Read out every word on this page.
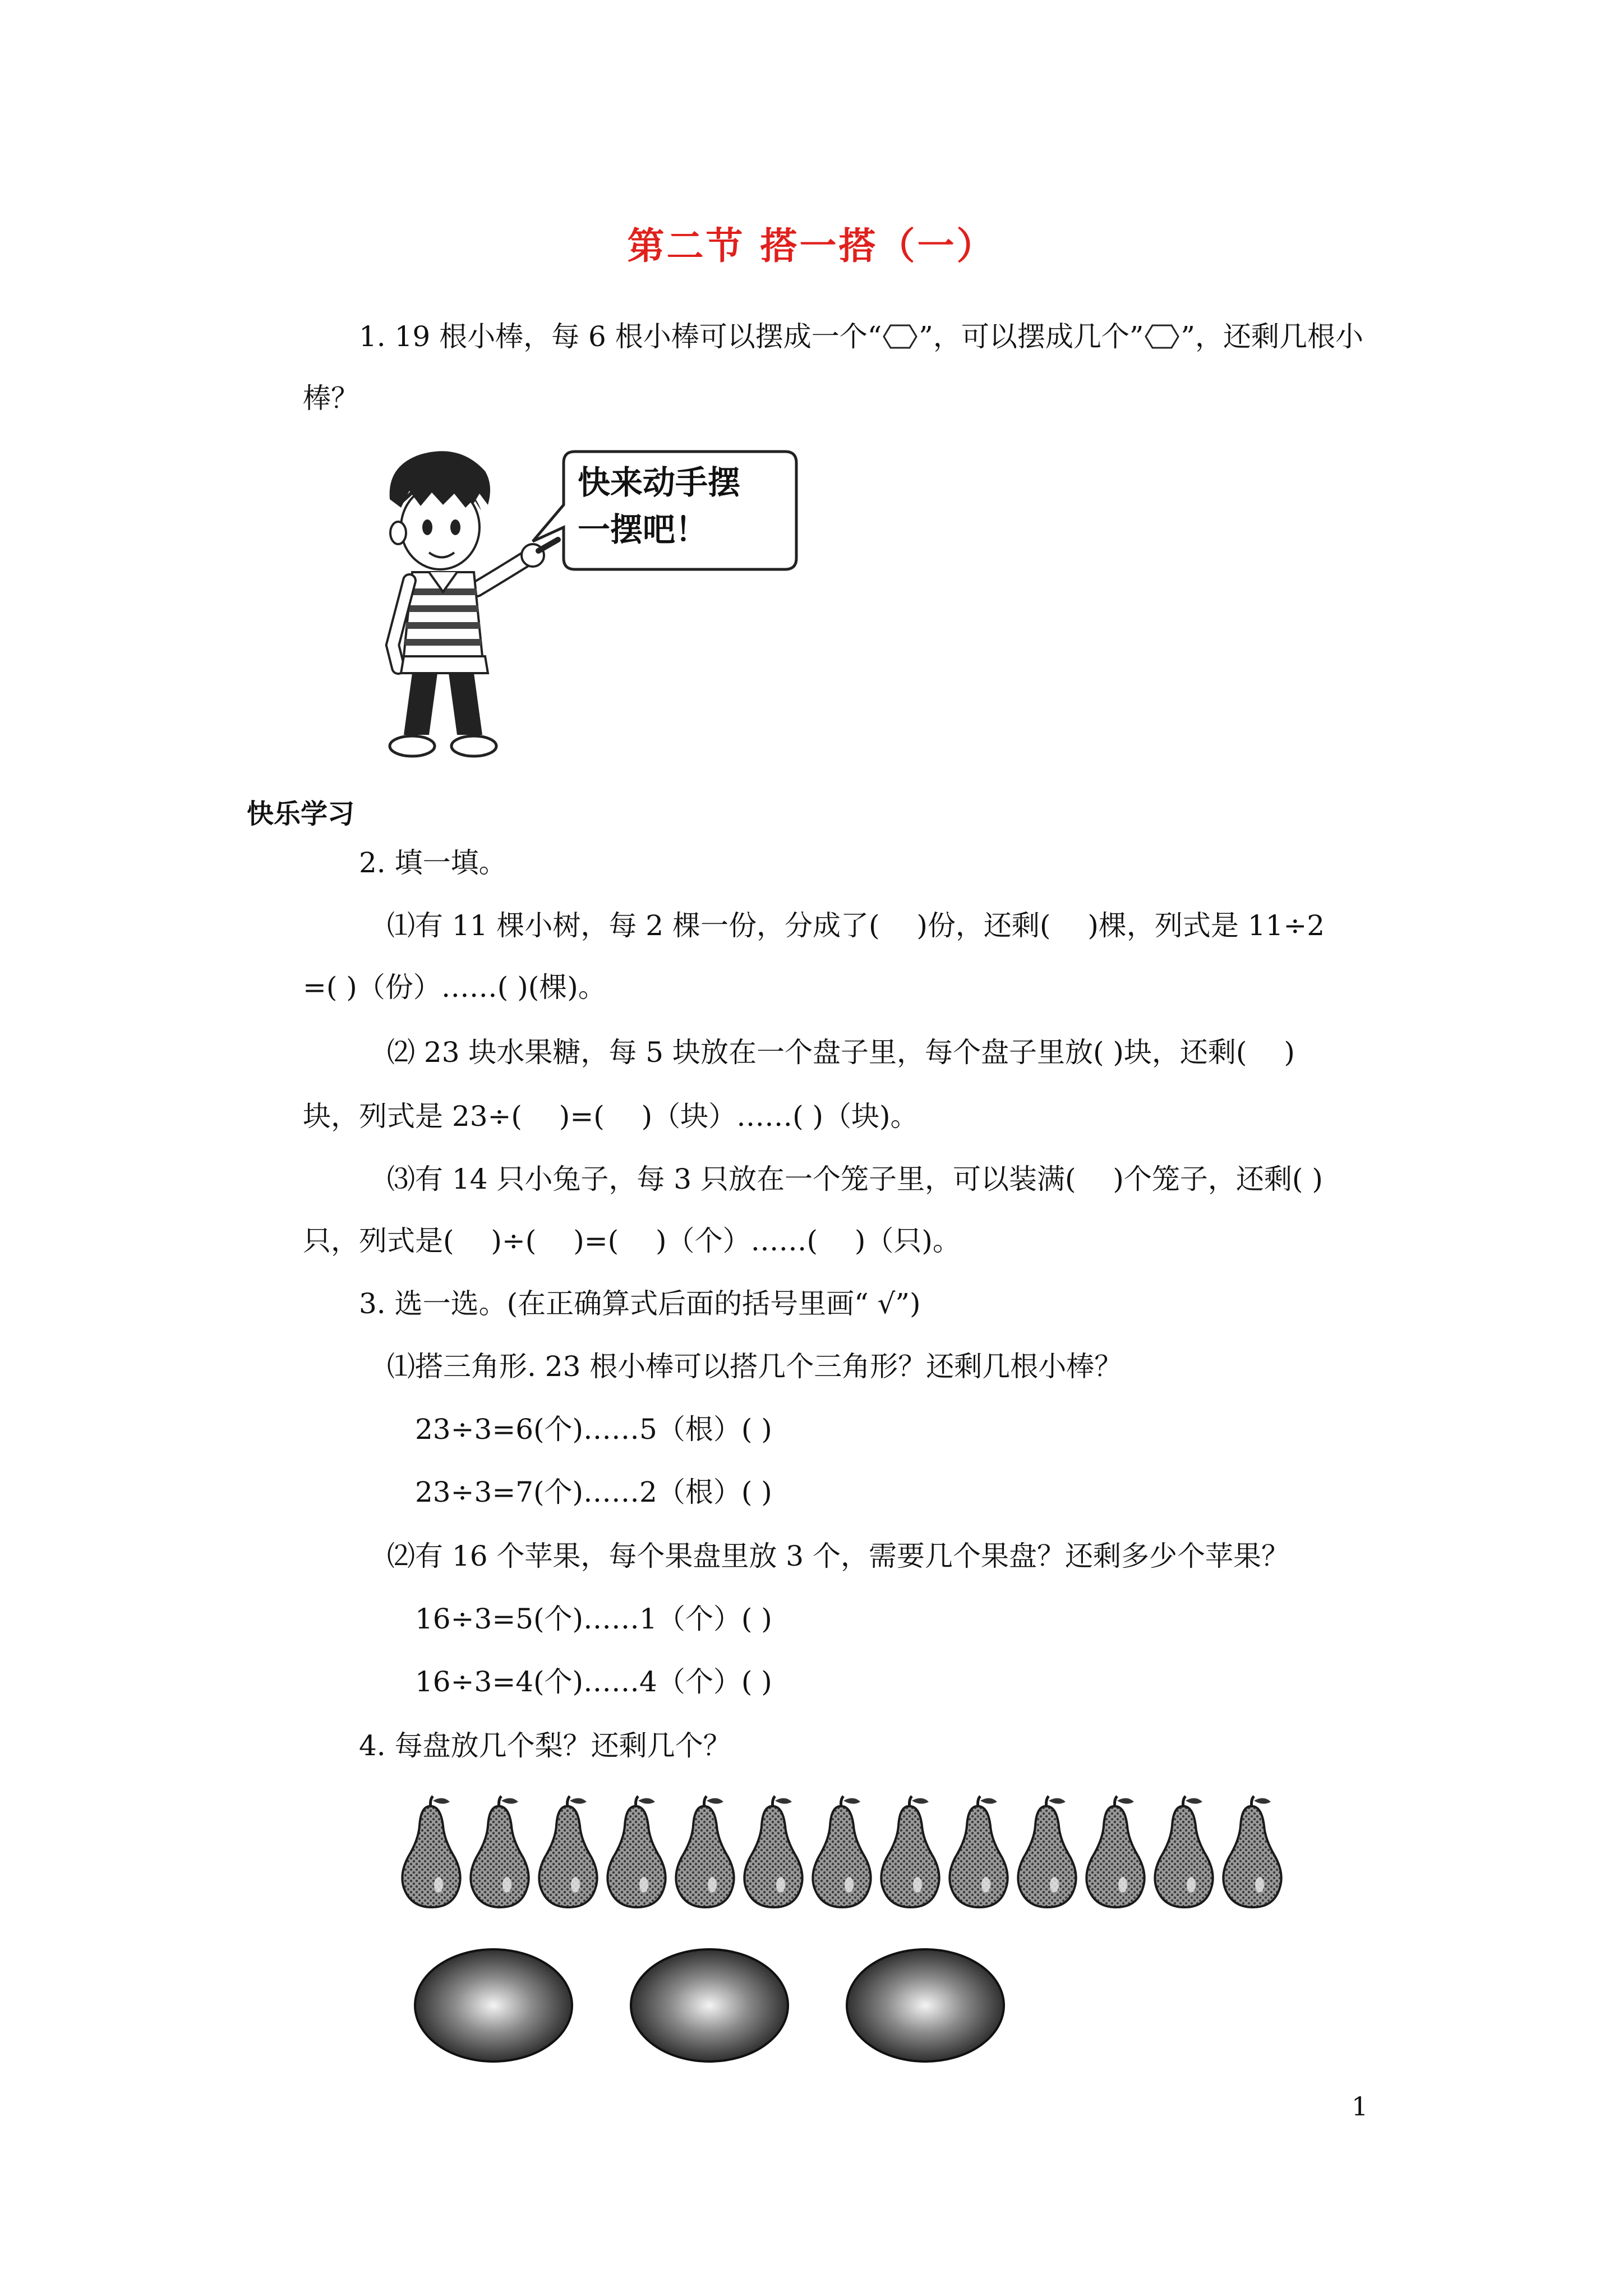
第二节 搭一搭（一）
1. 19 根小棒，每 6 根小棒可以摆成一个“ ”，可以摆成几个” ”，还剩几根小
棒？
快来动手摆
一摆吧！
快乐学习
2. 填一填。
⑴有 11 棵小树，每 2 棵一份，分成了(　 )份，还剩(　 )棵，列式是 11÷2
=( )（份）……( )(棵)。
⑵ 23 块水果糖，每 5 块放在一个盘子里，每个盘子里放( )块，还剩(　 )
块，列式是 23÷(　 )=(　 )（块）……( )（块)。
⑶有 14 只小兔子，每 3 只放在一个笼子里，可以装满(　 )个笼子，还剩( )
只，列式是(　 )÷(　 )=(　 )（个）……(　 )（只)。
3. 选一选。(在正确算式后面的括号里画“ √”)
⑴搭三角形. 23 根小棒可以搭几个三角形？还剩几根小棒？
23÷3=6(个)……5（根）( )
23÷3=7(个)……2（根）( )
⑵有 16 个苹果，每个果盘里放 3 个，需要几个果盘？还剩多少个苹果？
16÷3=5(个)……1（个）( )
16÷3=4(个)……4（个）( )
4. 每盘放几个梨？还剩几个？
1
